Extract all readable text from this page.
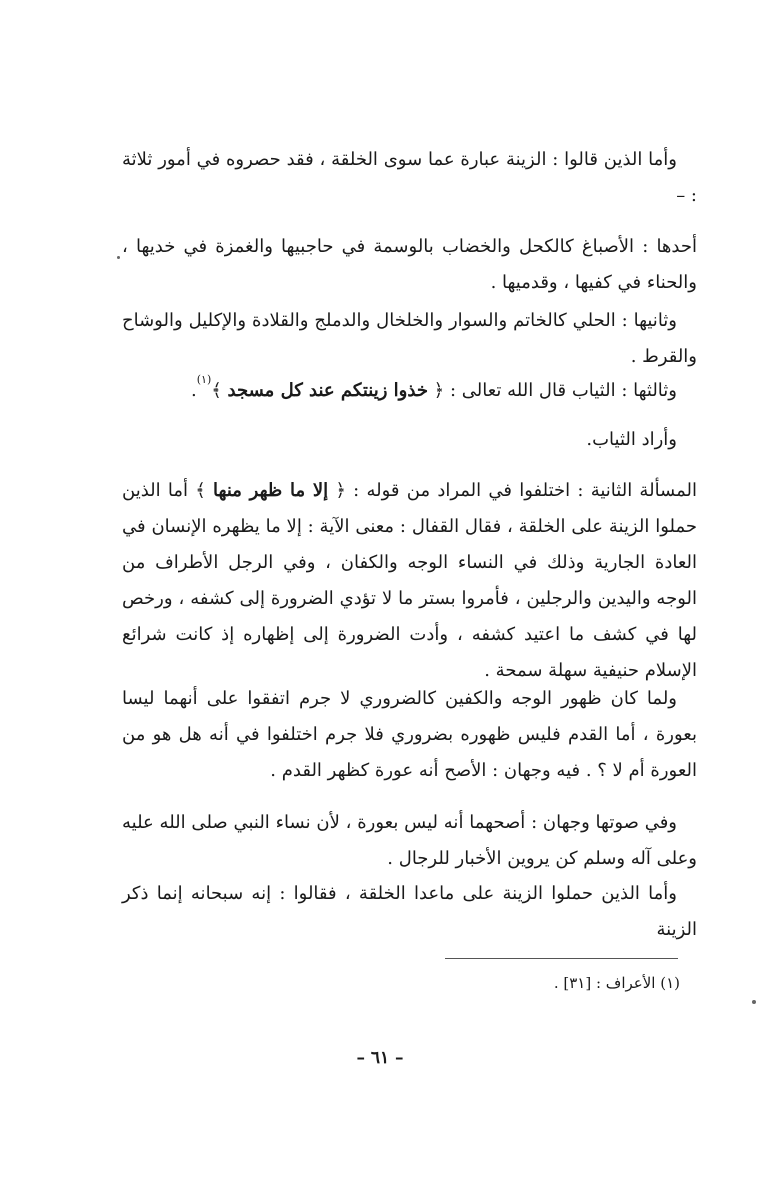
وأما الذين قالوا : الزينة عبارة عما سوى الخلقة ، فقد حصروه في أمور ثلاثة : –

أحدها : الأصباغ كالكحل والخضاب بالوسمة في حاجبيها والغمزة في خديها ، والحناء في كفيها ، وقدميها .

وثانيها : الحلي كالخاتم والسوار والخلخال والدملج والقلادة والإكليل والوشاح والقرط .

وثالثها : الثياب قال الله تعالى : ﴿ خذوا زينتكم عند كل مسجد ﴾$^{(١)}$.

وأراد الثياب.

المسألة الثانية : اختلفوا في المراد من قوله : ﴿ إلا ما ظهر منها ﴾ أما الذين حملوا الزينة على الخلقة ، فقال القفال : معنى الآية : إلا ما يظهره الإنسان في العادة الجارية وذلك في النساء الوجه والكفان ، وفي الرجل الأطراف من الوجه واليدين والرجلين ، فأمروا بستر ما لا تؤدي الضرورة إلى كشفه ، ورخص لها في كشف ما اعتيد كشفه ، وأدت الضرورة إلى إظهاره إذ كانت شرائع الإسلام حنيفية سهلة سمحة .

ولما كان ظهور الوجه والكفين كالضروري لا جرم اتفقوا على أنهما ليسا بعورة ، أما القدم فليس ظهوره بضروري فلا جرم اختلفوا في أنه هل هو من العورة أم لا ؟ . فيه وجهان : الأصح أنه عورة كظهر القدم .

وفي صوتها وجهان : أصحهما أنه ليس بعورة ، لأن نساء النبي صلى الله عليه وعلى آله وسلم كن يروين الأخبار للرجال .

وأما الذين حملوا الزينة على ماعدا الخلقة ، فقالوا : إنه سبحانه إنما ذكر الزينة

(١) الأعراف : [٣١] .
– ٦١ –
